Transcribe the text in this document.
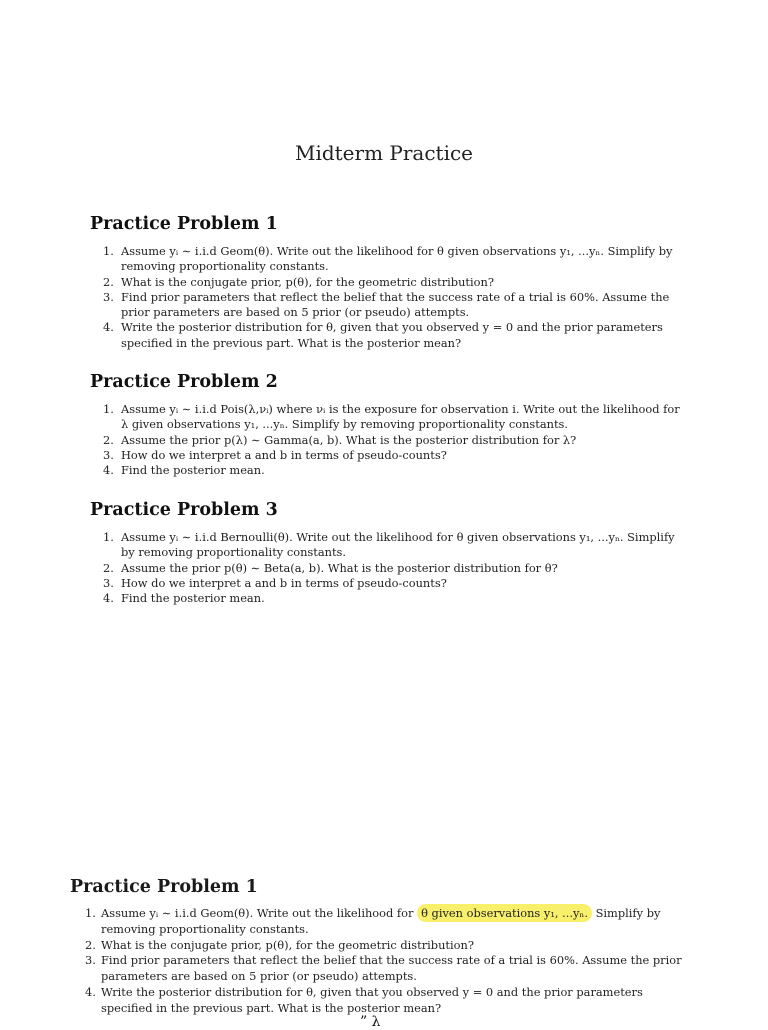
Midterm Practice
Practice Problem 1
1. Assume yᵢ ∼ i.i.d Geom(θ). Write out the likelihood for θ given observations y₁, ...yₙ. Simplify by removing proportionality constants.
2. What is the conjugate prior, p(θ), for the geometric distribution?
3. Find prior parameters that reflect the belief that the success rate of a trial is 60%. Assume the prior parameters are based on 5 prior (or pseudo) attempts.
4. Write the posterior distribution for θ, given that you observed y = 0 and the prior parameters specified in the previous part. What is the posterior mean?
Practice Problem 2
1. Assume yᵢ ∼ i.i.d Pois(λ,νᵢ) where νᵢ is the exposure for observation i. Write out the likelihood for λ given observations y₁, ...yₙ. Simplify by removing proportionality constants.
2. Assume the prior p(λ) ∼ Gamma(a, b). What is the posterior distribution for λ?
3. How do we interpret a and b in terms of pseudo-counts?
4. Find the posterior mean.
Practice Problem 3
1. Assume yᵢ ∼ i.i.d Bernoulli(θ). Write out the likelihood for θ given observations y₁, ...yₙ. Simplify by removing proportionality constants.
2. Assume the prior p(θ) ∼ Beta(a, b). What is the posterior distribution for θ?
3. How do we interpret a and b in terms of pseudo-counts?
4. Find the posterior mean.
Practice Problem 1
1. Assume yᵢ ∼ i.i.d Geom(θ). Write out the likelihood for θ given observations y₁, ...yₙ. Simplify by removing proportionality constants.
2. What is the conjugate prior, p(θ), for the geometric distribution?
3. Find prior parameters that reflect the belief that the success rate of a trial is 60%. Assume the prior parameters are based on 5 prior (or pseudo) attempts.
4. Write the posterior distribution for θ, given that you observed y = 0 and the prior parameters specified in the previous part. What is the posterior mean?
” λ
